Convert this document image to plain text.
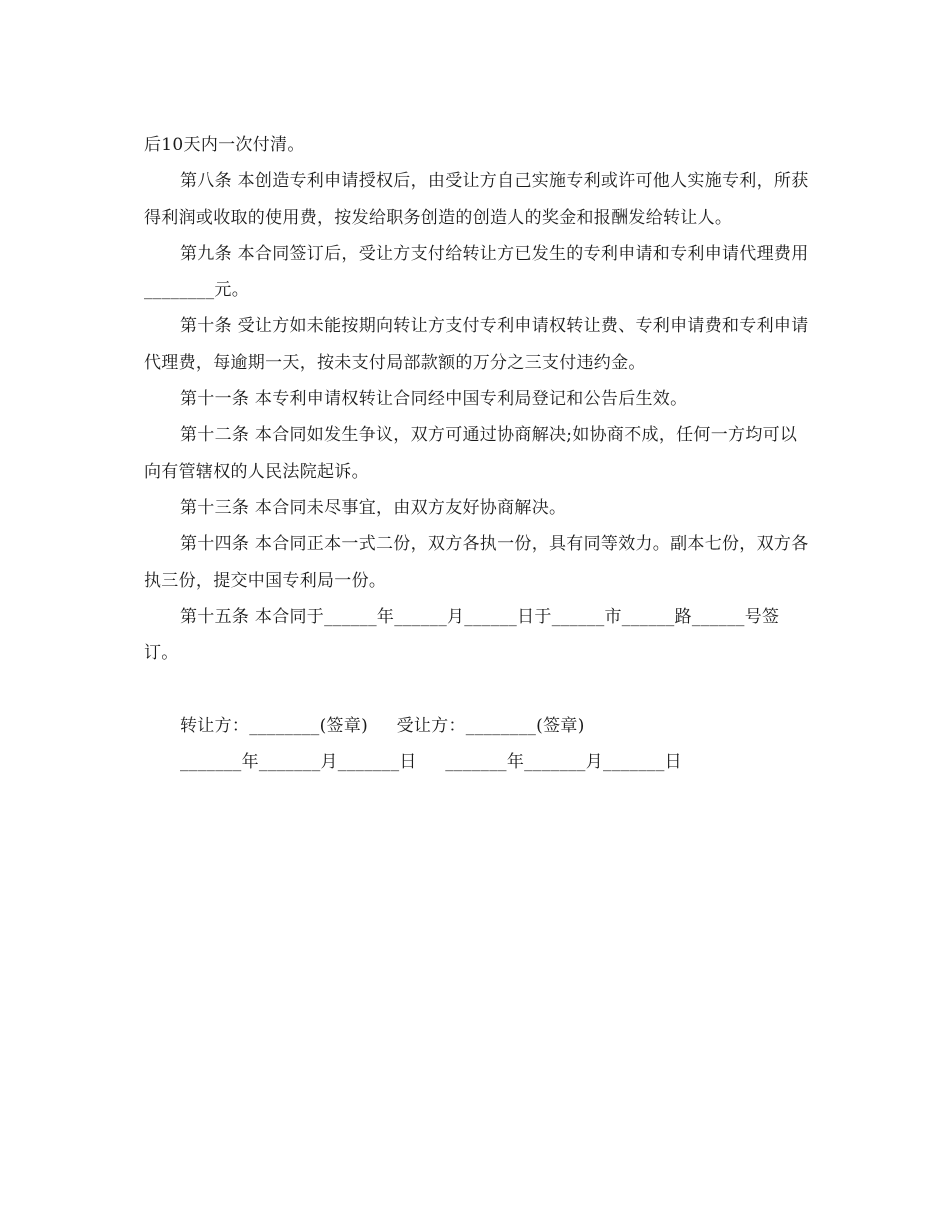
后10天内一次付清。

第八条 本创造专利申请授权后，由受让方自己实施专利或许可他人实施专利，所获得利润或收取的使用费，按发给职务创造的创造人的奖金和报酬发给转让人。

第九条 本合同签订后，受让方支付给转让方已发生的专利申请和专利申请代理费用________元。

第十条 受让方如未能按期向转让方支付专利申请权转让费、专利申请费和专利申请代理费，每逾期一天，按未支付局部款额的万分之三支付违约金。

第十一条 本专利申请权转让合同经中国专利局登记和公告后生效。

第十二条 本合同如发生争议，双方可通过协商解决;如协商不成，任何一方均可以向有管辖权的人民法院起诉。

第十三条 本合同未尽事宜，由双方友好协商解决。

第十四条 本合同正本一式二份，双方各执一份，具有同等效力。副本七份，双方各执三份，提交中国专利局一份。

第十五条 本合同于______年______月______日于______市______路______号签订。

转让方：________(签章)     受让方：________(签章)

_______年_______月_______日     _______年_______月_______日
